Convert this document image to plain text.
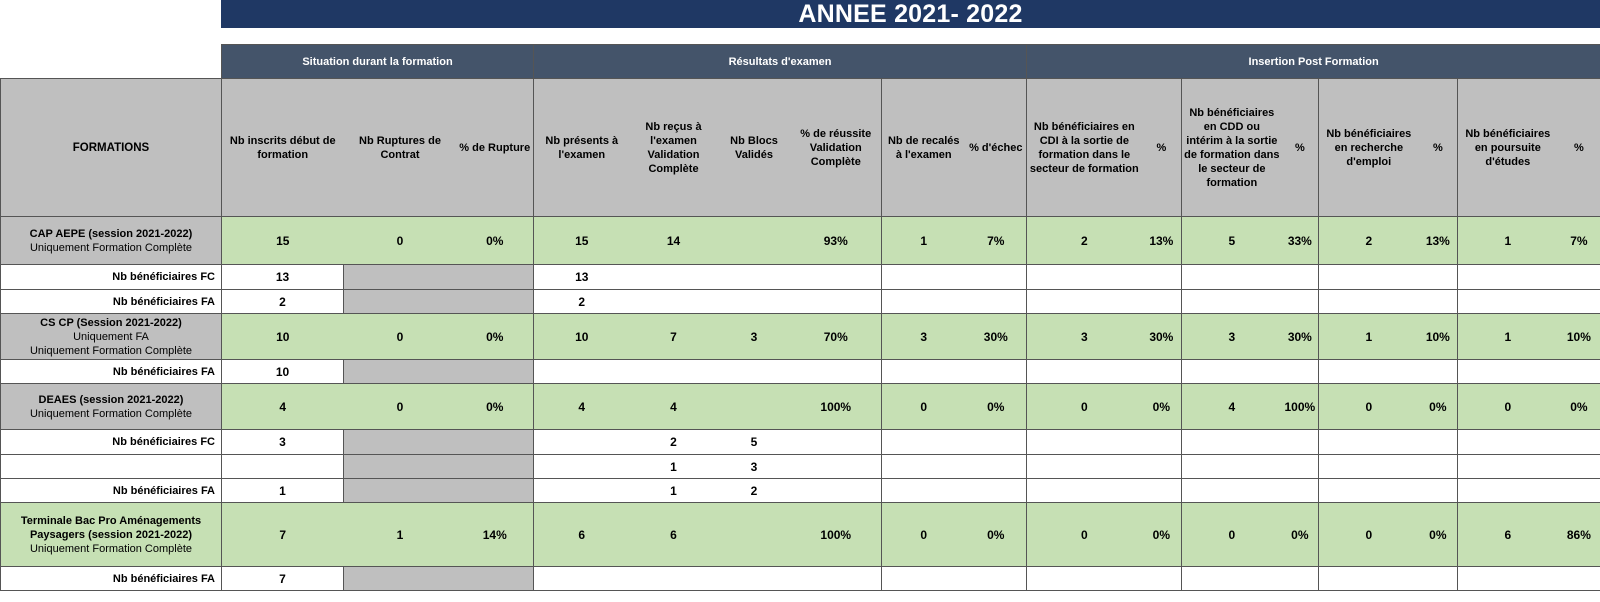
ANNEE 2021- 2022
	Situation durant la formation			Résultats d'examen						Insertion Post Formation							
FORMATIONS	Nb inscrits début de formation	Nb Ruptures de Contrat	% de Rupture	Nb présents à l'examen	Nb reçus à l'examen Validation Complète	Nb Blocs Validés	% de réussite Validation Complète	Nb de recalés à l'examen	% d'échec	Nb bénéficiaires en CDI à la sortie de formation dans le secteur de formation	%	Nb bénéficiaires en CDD ou intérim à la sortie de formation dans le secteur de formation	%	Nb bénéficiaires en recherche d'emploi	%	Nb bénéficiaires en poursuite d'études	%
CAP AEPE (session 2021-2022)
Uniquement Formation Complète	15	0	0%	15	14		93%	1	7%	2	13%	5	33%	2	13%	1	7%
Nb bénéficiaires FC	13			13													
Nb bénéficiaires FA	2			2													
CS CP (Session 2021-2022)
Uniquement FA
Uniquement Formation Complète	10	0	0%	10	7	3	70%	3	30%	3	30%	3	30%	1	10%	1	10%
Nb bénéficiaires FA	10																
DEAES (session 2021-2022)
Uniquement Formation Complète	4	0	0%	4	4		100%	0	0%	0	0%	4	100%	0	0%	0	0%
Nb bénéficiaires FC	3				2	5											
					1	3											
Nb bénéficiaires FA	1				1	2											
Terminale Bac Pro Aménagements
Paysagers (session 2021-2022)
Uniquement Formation Complète	7	1	14%	6	6		100%	0	0%	0	0%	0	0%	0	0%	6	86%
Nb bénéficiaires FA	7																
